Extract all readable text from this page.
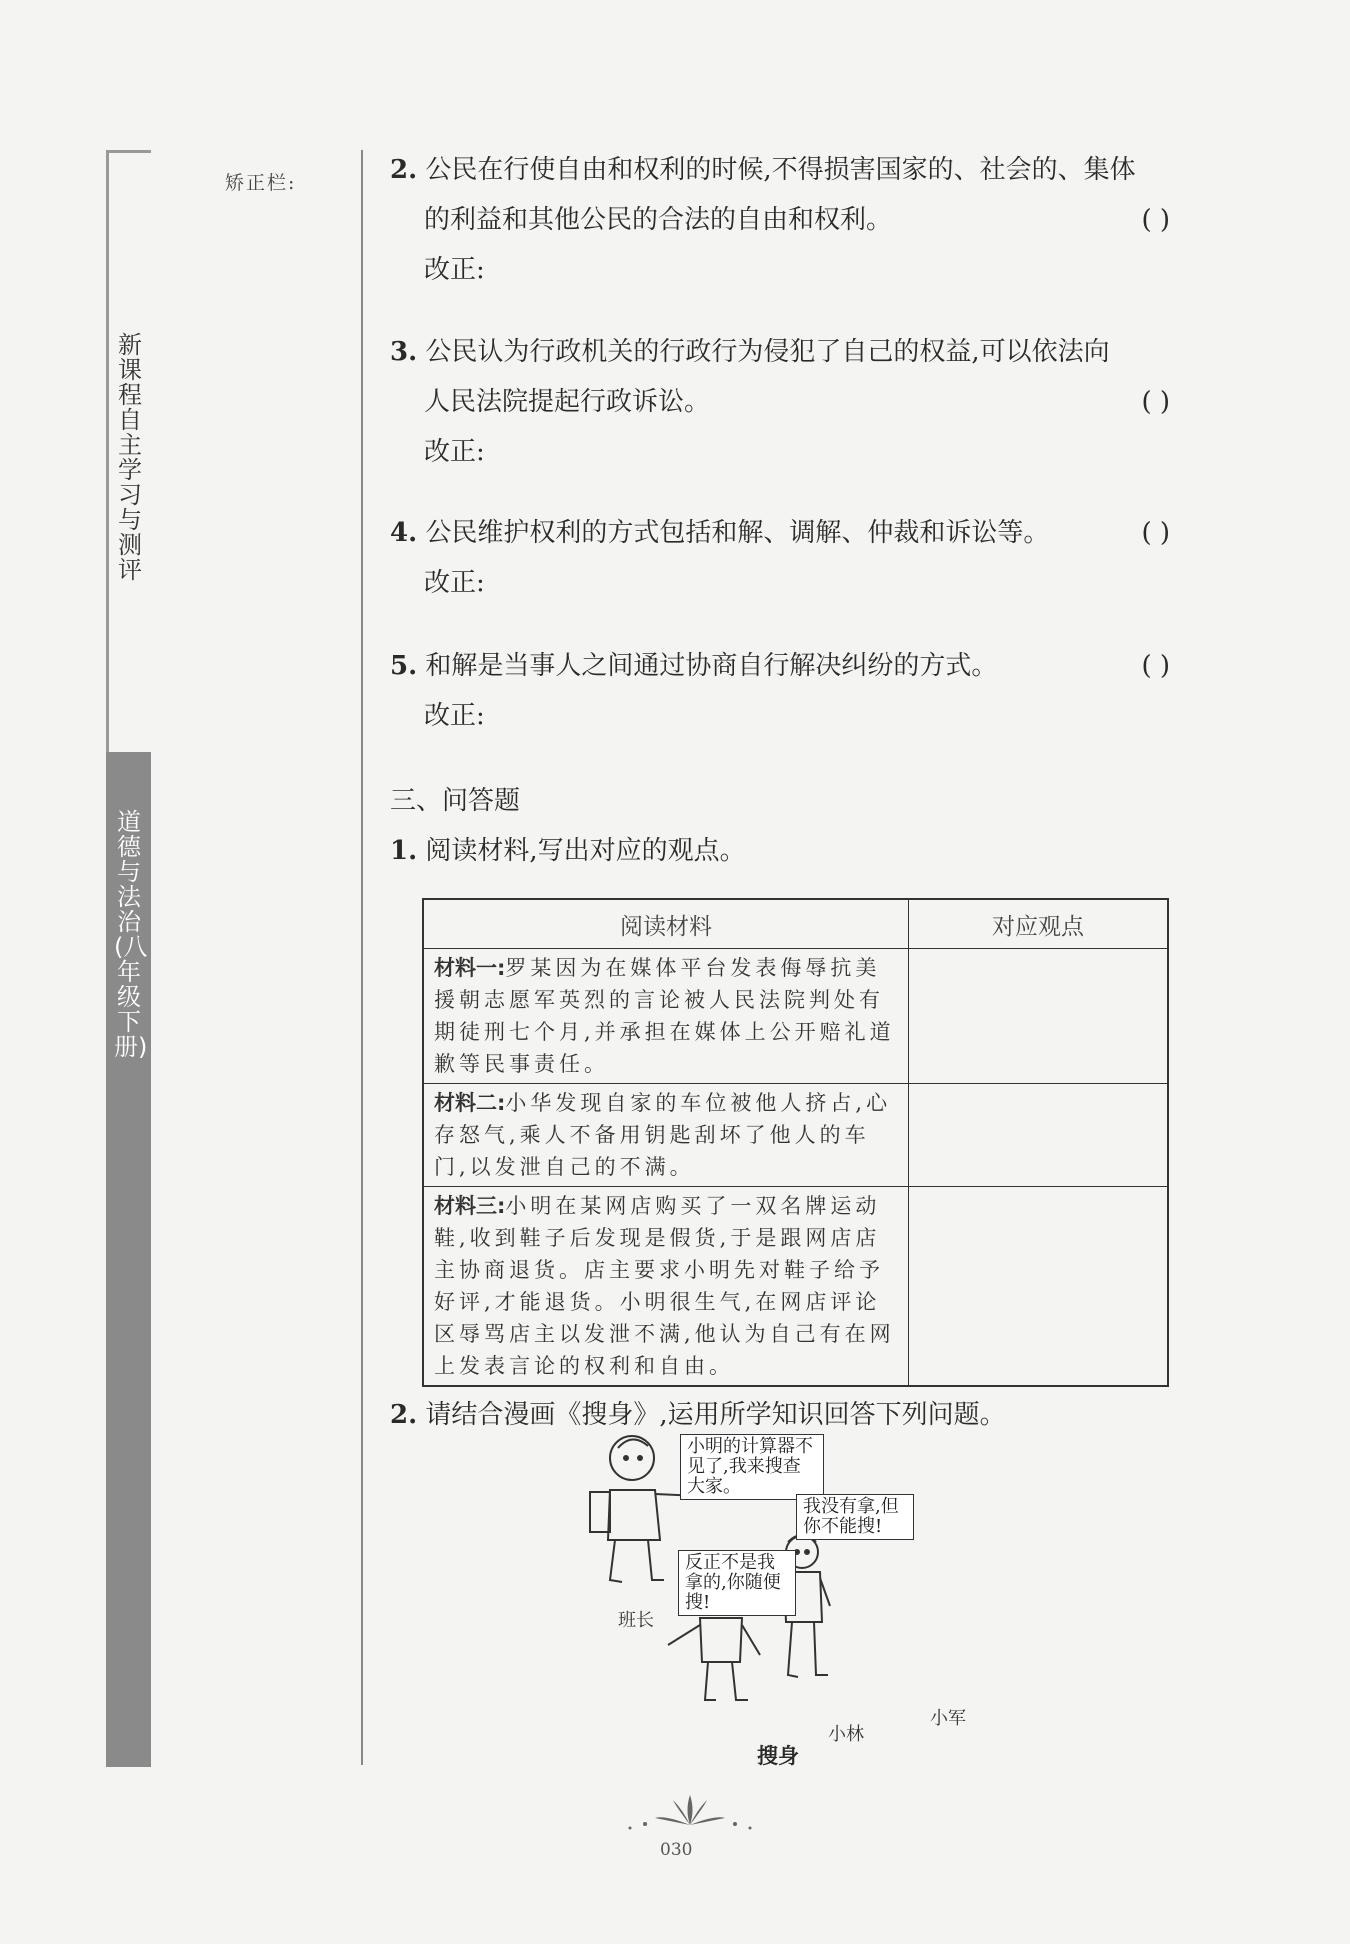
新课程自主学习与测评
道德与法治(八年级下册)
矫正栏:	2. 公民在行使自由和权利的时候,不得损害国家的、社会的、集体
的利益和其他公民的合法的自由和权利。	( )
改正:
3. 公民认为行政机关的行政行为侵犯了自己的权益,可以依法向
人民法院提起行政诉讼。	( )
改正:
4. 公民维护权利的方式包括和解、调解、仲裁和诉讼等。	( )
改正:
5. 和解是当事人之间通过协商自行解决纠纷的方式。	( )
改正:
三、问答题
1. 阅读材料,写出对应的观点。
阅读材料	对应观点
材料一:罗某因为在媒体平台发表侮辱抗美援朝志愿军英烈的言论被人民法院判处有期徒刑七个月,并承担在媒体上公开赔礼道歉等民事责任。	
材料二:小华发现自家的车位被他人挤占,心存怒气,乘人不备用钥匙刮坏了他人的车门,以发泄自己的不满。	
材料三:小明在某网店购买了一双名牌运动鞋,收到鞋子后发现是假货,于是跟网店店主协商退货。店主要求小明先对鞋子给予好评,才能退货。小明很生气,在网店评论区辱骂店主以发泄不满,他认为自己有在网上发表言论的权利和自由。	
2. 请结合漫画《搜身》,运用所学知识回答下列问题。
小明的计算器不见了,我来搜查大家。
我没有拿,但你不能搜!
反正不是我拿的,你随便搜!
班长
小林
小军
搜身
030
